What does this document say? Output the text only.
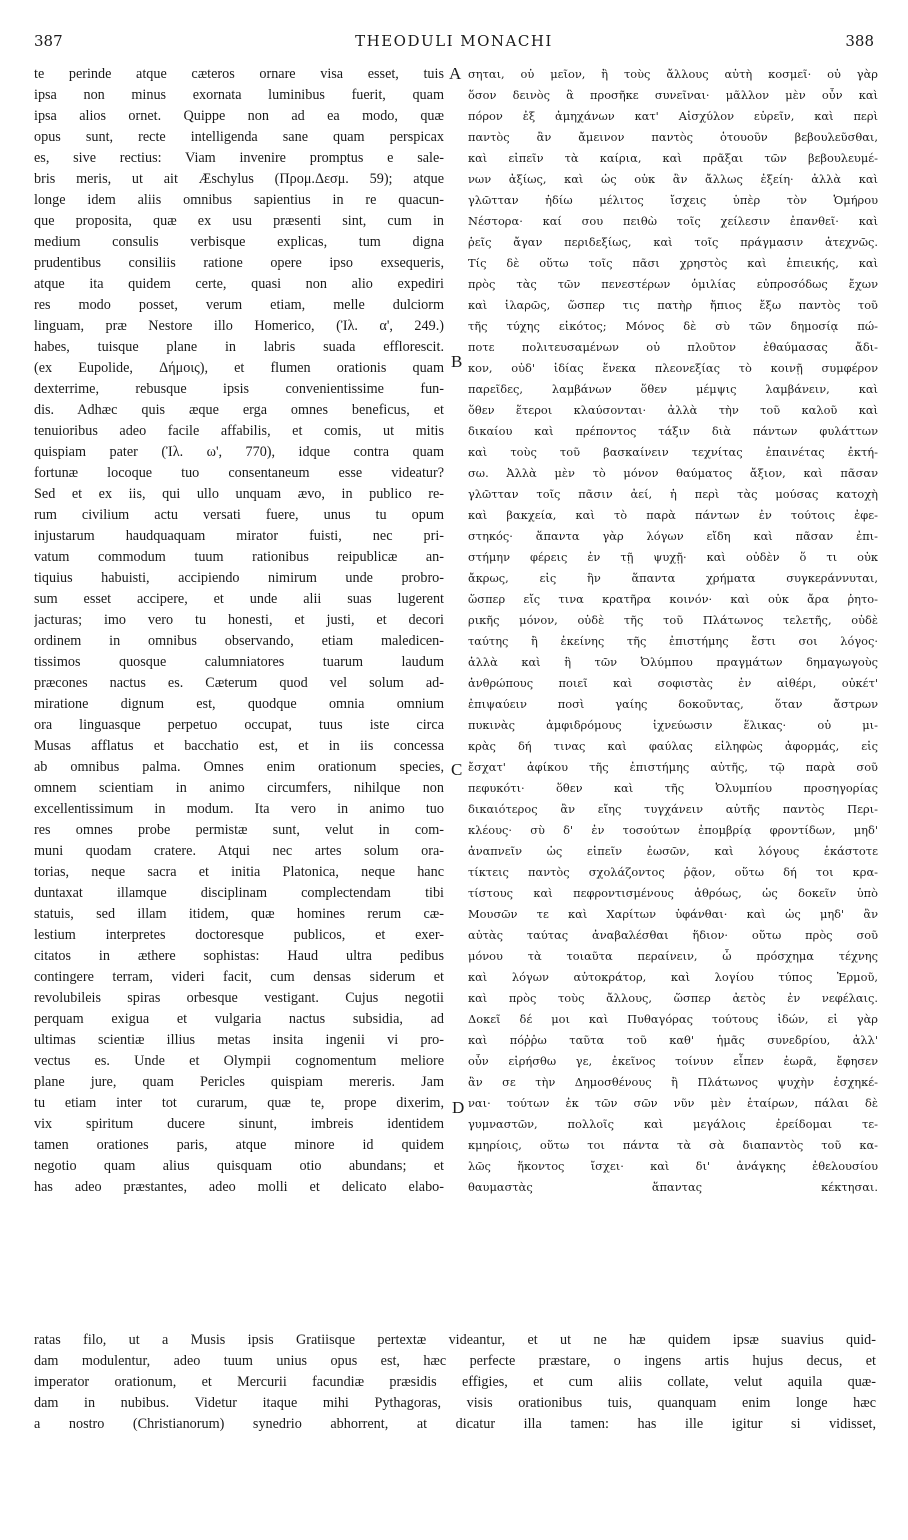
387	THEODULI MONACHI	388
te perinde atque cæteros ornare visa esset, tuis
ipsa non minus exornata luminibus fuerit, quam
ipsa alios ornet. Quippe non ad ea modo, quæ
opus sunt, recte intelligenda sane quam perspicax
es, sive rectius: Viam invenire promptus e sale-
bris meris, ut ait Æschylus (Προμ.Δεσμ. 59); atque
longe idem aliis omnibus sapientius in re quacun-
que proposita, quæ ex usu præsenti sint, cum in
medium consulis verbisque explicas, tum digna
prudentibus consiliis ratione opere ipso exsequeris,
atque ita quidem certe, quasi non alio expediri
res modo posset, verum etiam, melle dulciorm
linguam, præ Nestore illo Homerico, (Ἰλ. α', 249.)
habes, tuisque plane in labris suada efflorescit.
(ex Eupolide, Δήμοις), et flumen orationis quam
dexterrime, rebusque ipsis convenientissime fun-
dis. Adhæc quis æque erga omnes beneficus, et
tenuioribus adeo facile affabilis, et comis, ut mitis
quispiam pater (Ἰλ. ω', 770), idque contra quam
fortunæ locoque tuo consentaneum esse videatur?
Sed et ex iis, qui ullo unquam ævo, in publico re-
rum civilium actu versati fuere, unus tu opum
injustarum haudquaquam mirator fuisti, nec pri-
vatum commodum tuum rationibus reipublicæ an-
tiquius habuisti, accipiendo nimirum unde probro-
sum esset accipere, et unde alii suas lugerent
jacturas; imo vero tu honesti, et justi, et decori
ordinem in omnibus observando, etiam maledicen-
tissimos quosque calumniatores tuarum laudum
præcones nactus es. Cæterum quod vel solum ad-
miratione dignum est, quodque omnia omnium
ora linguasque perpetuo occupat, tuus iste circa
Musas afflatus et bacchatio est, et in iis concessa
ab omnibus palma. Omnes enim orationum species,
omnem scientiam in animo circumfers, nihilque non
excellentissimum in modum. Ita vero in animo tuo
res omnes probe permistæ sunt, velut in com-
muni quodam cratere. Atqui nec artes solum ora-
torias, neque sacra et initia Platonica, neque hanc
duntaxat illamque disciplinam complectendam tibi
statuis, sed illam itidem, quæ homines rerum cæ-
lestium interpretes doctoresque publicos, et exer-
citatos in æthere sophistas: Haud ultra pedibus
contingere terram, videri facit, cum densas siderum et
revolubileis spiras orbesque vestigant. Cujus negotii
perquam exigua et vulgaria nactus subsidia, ad
ultimas scientiæ illius metas insita ingenii vi pro-
vectus es. Unde et Olympii cognomentum meliore
plane jure, quam Pericles quispiam mereris. Jam
tu etiam inter tot curarum, quæ te, prope dixerim,
vix spiritum ducere sinunt, imbreis identidem
tamen orationes paris, atque minore id quidem
negotio quam alius quisquam otio abundans; et
has adeo præstantes, adeo molli et delicato elabo-
σηται, οὐ μεῖον, ἢ τοὺς ἄλλους αὐτὴ κοσμεῖ· οὐ γὰρ
ὅσον δεινὸς ἃ προσῆκε συνεῖναι· μᾶλλον μὲν οὖν καὶ
πόρον ἐξ ἀμηχάνων κατ' Αἰσχύλον εὑρεῖν, καὶ περὶ
παντὸς ἂν ἄμεινον παντὸς ὁτουοῦν βεβουλεῦσθαι,
καὶ εἰπεῖν τὰ καίρια, καὶ πρᾶξαι τῶν βεβουλευμέ-
νων ἀξίως, καὶ ὡς οὐκ ἂν ἄλλως ἐξείη· ἀλλὰ καὶ
γλῶτταν ἡδίω μέλιτος ἴσχεις ὑπὲρ τὸν Ὁμήρου
Νέστορα· καί σου πειθὼ τοῖς χείλεσιν ἐπανθεῖ· καὶ
ῥεῖς ἄγαν περιδεξίως, καὶ τοῖς πράγμασιν ἀτεχνῶς.
Τίς δὲ οὕτω τοῖς πᾶσι χρηστὸς καὶ ἐπιεικής, καὶ
πρὸς τὰς τῶν πενεστέρων ὁμιλίας εὐπροσόδως ἔχων
καὶ ἱλαρῶς, ὥσπερ τις πατὴρ ἤπιος ἔξω παντὸς τοῦ
τῆς τύχης εἰκότος; Μόνος δὲ σὺ τῶν δημοσίᾳ πώ-
ποτε πολιτευσαμένων οὐ πλοῦτον ἐθαύμασας ἄδι-
κον, οὐδ' ἰδίας ἕνεκα πλεονεξίας τὸ κοινῇ συμφέρον
παρεῖδες, λαμβάνων ὅθεν μέμψις λαμβάνειν, καὶ
ὅθεν ἕτεροι κλαύσονται· ἀλλὰ τὴν τοῦ καλοῦ καὶ
δικαίου καὶ πρέποντος τάξιν διὰ πάντων φυλάττων
καὶ τοὺς τοῦ βασκαίνειν τεχνίτας ἐπαινέτας ἐκτή-
σω. Ἀλλὰ μὲν τὸ μόνον θαύματος ἄξιον, καὶ πᾶσαν
γλῶτταν τοῖς πᾶσιν ἀεί, ἡ περὶ τὰς μούσας κατοχὴ
καὶ βακχεία, καὶ τὸ παρὰ πάντων ἐν τούτοις ἐφε-
στηκός· ἅπαντα γὰρ λόγων εἴδη καὶ πᾶσαν ἐπι-
στήμην φέρεις ἐν τῇ ψυχῇ· καὶ οὐδὲν ὅ τι οὐκ
ἄκρως, εἰς ἣν ἅπαντα χρήματα συγκεράννυται,
ὥσπερ εἴς τινα κρατῆρα κοινόν· καὶ οὐκ ἄρα ῥητο-
ρικῆς μόνον, οὐδὲ τῆς τοῦ Πλάτωνος τελετῆς, οὐδὲ
ταύτης ἢ ἐκείνης τῆς ἐπιστήμης ἔστι σοι λόγος·
ἀλλὰ καὶ ἣ τῶν Ὀλύμπου πραγμάτων δημαγωγοὺς
ἀνθρώπους ποιεῖ καὶ σοφιστὰς ἐν αἰθέρι, οὐκέτ'
ἐπιψαύειν ποσὶ γαίης δοκοῦντας, ὅταν ἄστρων
πυκινὰς ἀμφιδρόμους ἰχνεύωσιν ἕλικας· οὐ μι-
κρὰς δή τινας καὶ φαύλας εἰληφὼς ἀφορμάς, εἰς
ἔσχατ' ἀφίκου τῆς ἐπιστήμης αὐτῆς, τῷ παρὰ σοῦ
πεφυκότι· ὅθεν καὶ τῆς Ὀλυμπίου προσηγορίας
δικαιότερος ἂν εἴης τυγχάνειν αὐτῆς παντὸς Περι-
κλέους· σὺ δ' ἐν τοσούτων ἐπομβρίᾳ φροντίδων, μηδ'
ἀναπνεῖν ὡς εἰπεῖν ἐωσῶν, καὶ λόγους ἑκάστοτε
τίκτεις παντὸς σχολάζοντος ῥᾷον, οὕτω δή τοι κρα-
τίστους καὶ πεφροντισμένους ἀθρόως, ὡς δοκεῖν ὑπὸ
Μουσῶν τε καὶ Χαρίτων ὑφάνθαι· καὶ ὡς μηδ' ἂν
αὐτὰς ταύτας ἀναβαλέσθαι ἥδιον· οὕτω πρὸς σοῦ
μόνου τὰ τοιαῦτα περαίνειν, ὦ πρόσχημα τέχνης
καὶ λόγων αὐτοκράτορ, καὶ λογίου τύπος Ἑρμοῦ,
καὶ πρὸς τοὺς ἄλλους, ὥσπερ ἀετὸς ἐν νεφέλαις.
Δοκεῖ δέ μοι καὶ Πυθαγόρας τούτους ἰδών, εἰ γὰρ
καὶ πόῤῥω ταῦτα τοῦ καθ' ἡμᾶς συνεδρίου, ἀλλ'
οὖν εἰρήσθω γε, ἐκεῖνος τοίνυν εἶπεν ἐωρᾶ, ἔφησεν
ἂν σε τὴν Δημοσθένους ἢ Πλάτωνος ψυχὴν ἐσχηκέ-
ναι· τούτων ἐκ τῶν σῶν νῦν μὲν ἑταίρων, πάλαι δὲ
γυμναστῶν, πολλοῖς καὶ μεγάλοις ἐρείδομαι τε-
κμηρίοις, οὕτω τοι πάντα τὰ σὰ διαπαντὸς τοῦ κα-
λῶς ἥκοντος ἴσχει· καὶ δι' ἀνάγκης ἐθελουσίου
θαυμαστὰς ἅπαντας κέκτησαι.
A
B
C
D
ratas filo, ut a Musis ipsis Gratiisque pertextæ videantur, et ut ne hæ quidem ipsæ suavius quid-
dam modulentur, adeo tuum unius opus est, hæc perfecte præstare, o ingens artis hujus decus, et
imperator orationum, et Mercurii facundiæ præsidis effigies, et cum aliis collate, velut aquila quæ-
dam in nubibus. Videtur itaque mihi Pythagoras, visis orationibus tuis, quanquam enim longe hæc
a nostro (Christianorum) synedrio abhorrent, at dicatur illa tamen: has ille igitur si vidisset,
